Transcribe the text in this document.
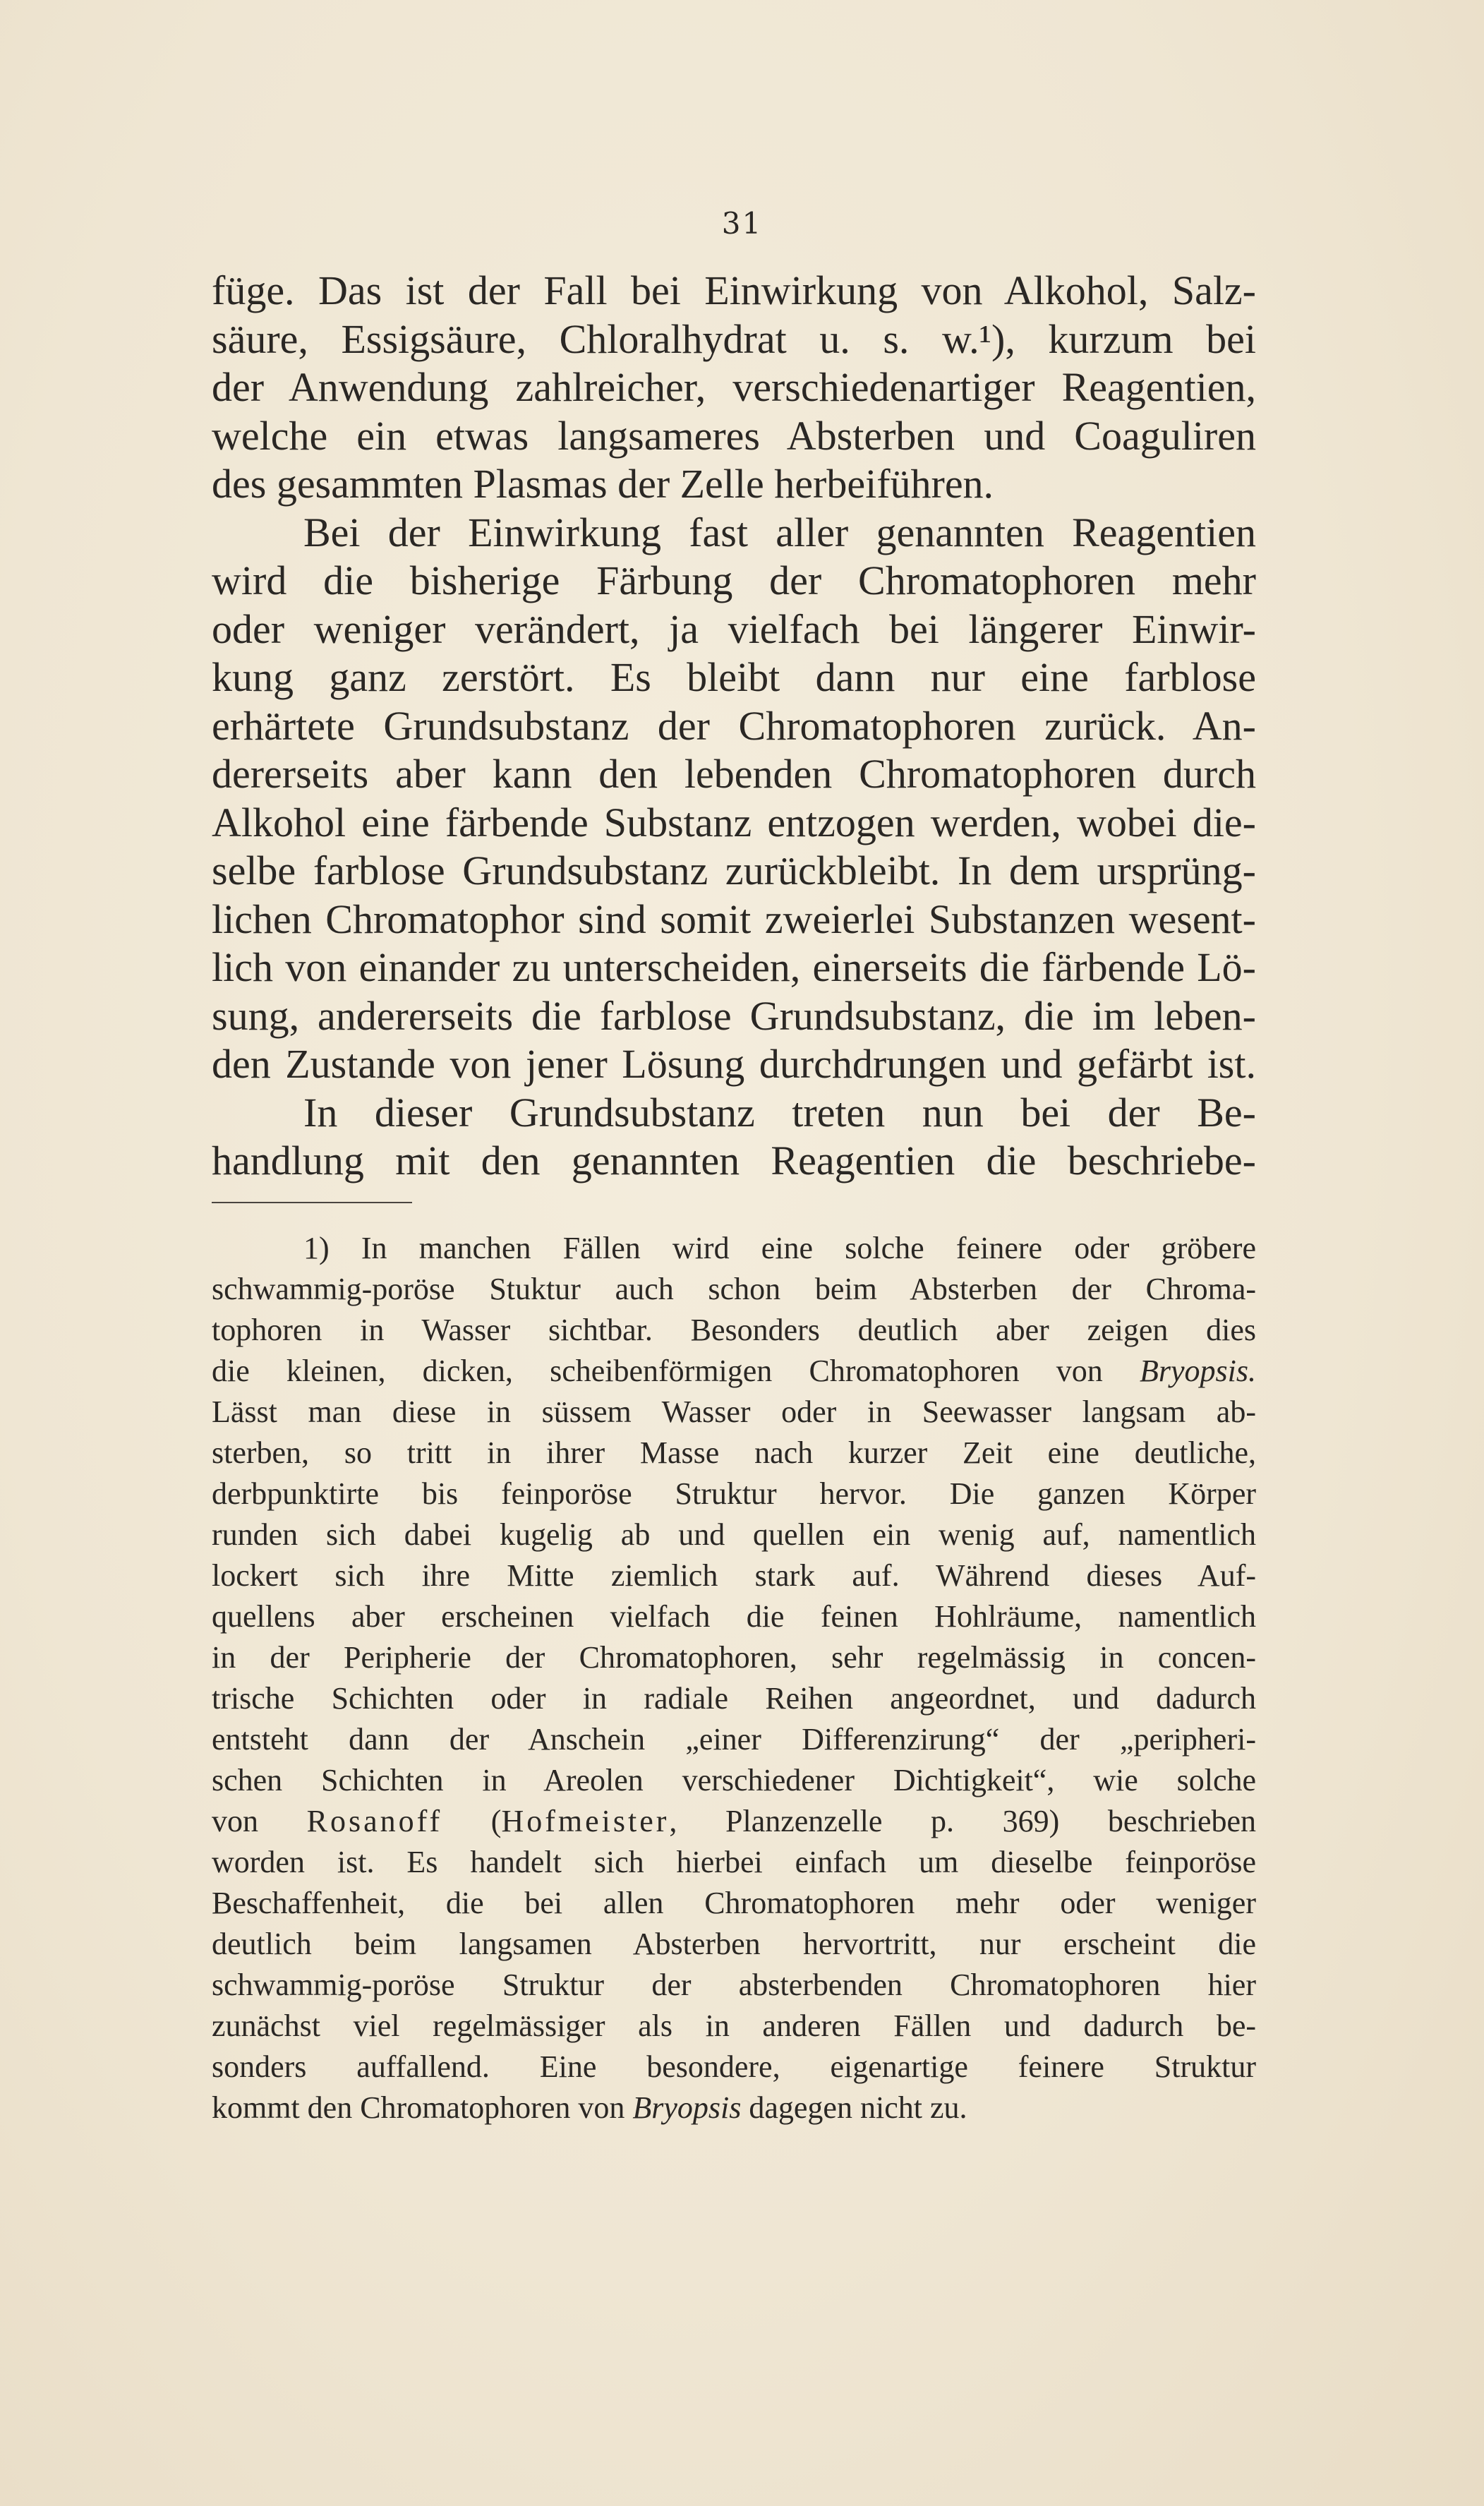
31
füge. Das ist der Fall bei Einwirkung von Alkohol, Salz-
säure, Essigsäure, Chloralhydrat u. s. w.¹), kurzum bei
der Anwendung zahlreicher, verschiedenartiger Reagentien,
welche ein etwas langsameres Absterben und Coaguliren
des gesammten Plasmas der Zelle herbeiführen.
Bei der Einwirkung fast aller genannten Reagentien
wird die bisherige Färbung der Chromatophoren mehr
oder weniger verändert, ja vielfach bei längerer Einwir-
kung ganz zerstört. Es bleibt dann nur eine farblose
erhärtete Grundsubstanz der Chromatophoren zurück. An-
dererseits aber kann den lebenden Chromatophoren durch
Alkohol eine färbende Substanz entzogen werden, wobei die-
selbe farblose Grundsubstanz zurückbleibt. In dem ursprüng-
lichen Chromatophor sind somit zweierlei Substanzen wesent-
lich von einander zu unterscheiden, einerseits die färbende Lö-
sung, andererseits die farblose Grundsubstanz, die im leben-
den Zustande von jener Lösung durchdrungen und gefärbt ist.
In dieser Grundsubstanz treten nun bei der Be-
handlung mit den genannten Reagentien die beschriebe-
1) In manchen Fällen wird eine solche feinere oder gröbere
schwammig-poröse Stuktur auch schon beim Absterben der Chroma-
tophoren in Wasser sichtbar. Besonders deutlich aber zeigen dies
die kleinen, dicken, scheibenförmigen Chromatophoren von Bryopsis.
Lässt man diese in süssem Wasser oder in Seewasser langsam ab-
sterben, so tritt in ihrer Masse nach kurzer Zeit eine deutliche,
derbpunktirte bis feinporöse Struktur hervor. Die ganzen Körper
runden sich dabei kugelig ab und quellen ein wenig auf, namentlich
lockert sich ihre Mitte ziemlich stark auf. Während dieses Auf-
quellens aber erscheinen vielfach die feinen Hohlräume, namentlich
in der Peripherie der Chromatophoren, sehr regelmässig in concen-
trische Schichten oder in radiale Reihen angeordnet, und dadurch
entsteht dann der Anschein „einer Differenzirung“ der „peripheri-
schen Schichten in Areolen verschiedener Dichtigkeit“, wie solche
von Rosanoff (Hofmeister, Planzenzelle p. 369) beschrieben
worden ist. Es handelt sich hierbei einfach um dieselbe feinporöse
Beschaffenheit, die bei allen Chromatophoren mehr oder weniger
deutlich beim langsamen Absterben hervortritt, nur erscheint die
schwammig-poröse Struktur der absterbenden Chromatophoren hier
zunächst viel regelmässiger als in anderen Fällen und dadurch be-
sonders auffallend. Eine besondere, eigenartige feinere Struktur
kommt den Chromatophoren von Bryopsis dagegen nicht zu.
